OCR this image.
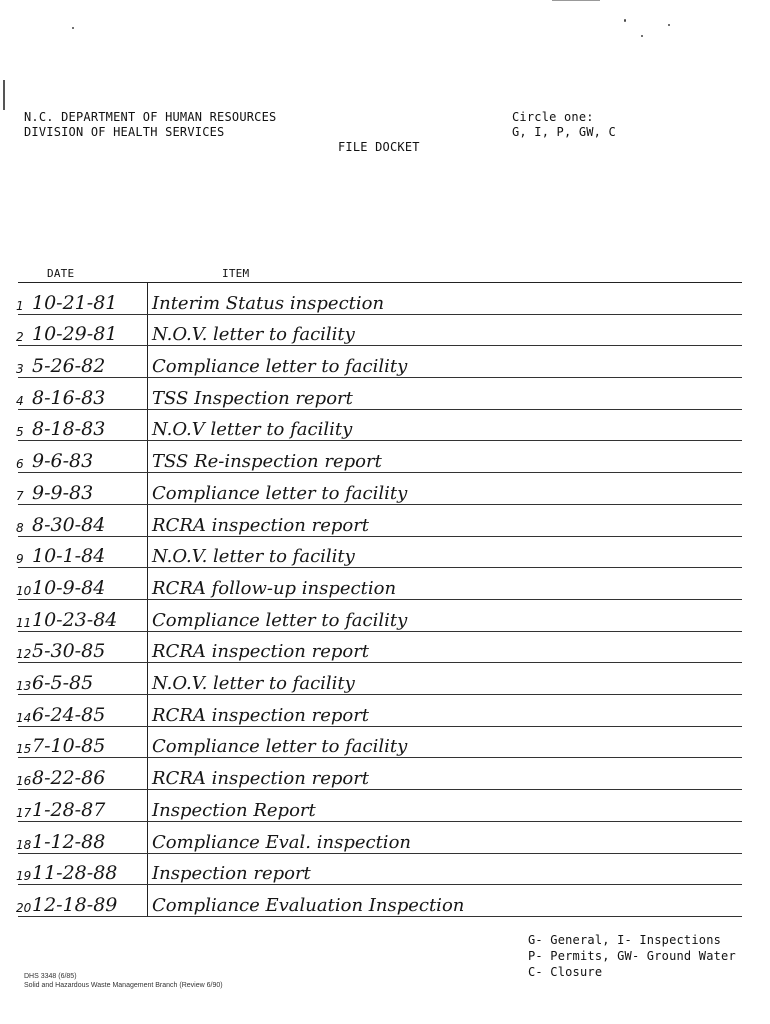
N.C. DEPARTMENT OF HUMAN RESOURCES
DIVISION OF HEALTH SERVICES
Circle one:
G, I, P, GW, C
FILE DOCKET
DATE	ITEM
1 10-21-81 Interim Status inspection
2 10-29-81 N.O.V. letter to facility
3 5-26-82	Compliance letter to facility
4 8-16-83	TSS Inspection report
5 8-18-83	N.O.V letter to facility
6 9-6-83	TSS Re-inspection report
7 9-9-83	Compliance letter to facility
8 8-30-84	RCRA inspection report
9 10-1-84	N.O.V. letter to facility
10 10-9-84	RCRA follow-up inspection
11 10-23-84 Compliance letter to facility
12 5-30-85	RCRA inspection report
13 6-5-85	N.O.V. letter to facility
14 6-24-85	RCRA inspection report
15 7-10-85	Compliance letter to facility
16 8-22-86	RCRA inspection report
17 1-28-87	Inspection Report
18 1-12-88	Compliance Eval. inspection
19 11-28-88 Inspection report
20 12-18-89 Compliance Evaluation Inspection
G- General, I- Inspections
P- Permits, GW- Ground Water
C- Closure
DHS 3348 (6/85)
Solid and Hazardous Waste Management Branch (Review 6/90)
